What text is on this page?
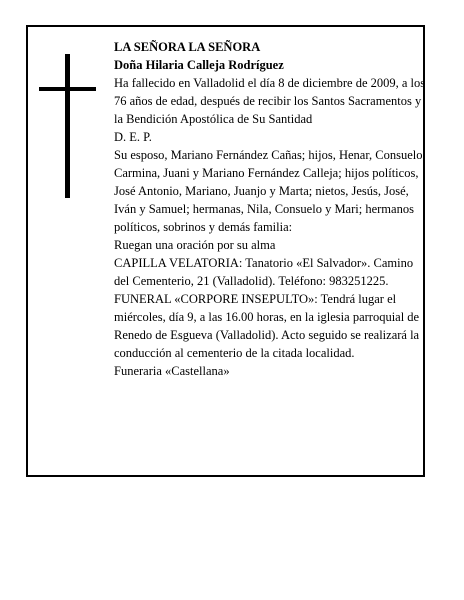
LA SEÑORA LA SEÑORA

Doña Hilaria Calleja Rodríguez

Ha fallecido en Valladolid el día 8 de diciembre de 2009, a los 76 años de edad, después de recibir los Santos Sacramentos y la Bendición Apostólica de Su Santidad

D. E. P.

Su esposo, Mariano Fernández Cañas; hijos, Henar, Consuelo, Carmina, Juani y Mariano Fernández Calleja; hijos políticos, José Antonio, Mariano, Juanjo y Marta; nietos, Jesús, José, Iván y Samuel; hermanas, Nila, Consuelo y Mari; hermanos políticos, sobrinos y demás familia:

Ruegan una oración por su alma

CAPILLA VELATORIA: Tanatorio «El Salvador». Camino del Cementerio, 21 (Valladolid). Teléfono: 983251225.

FUNERAL «CORPORE INSEPULTO»: Tendrá lugar el miércoles, día 9, a las 16.00 horas, en la iglesia parroquial de Renedo de Esgueva (Valladolid). Acto seguido se realizará la conducción al cementerio de la citada localidad.

Funeraria «Castellana»
